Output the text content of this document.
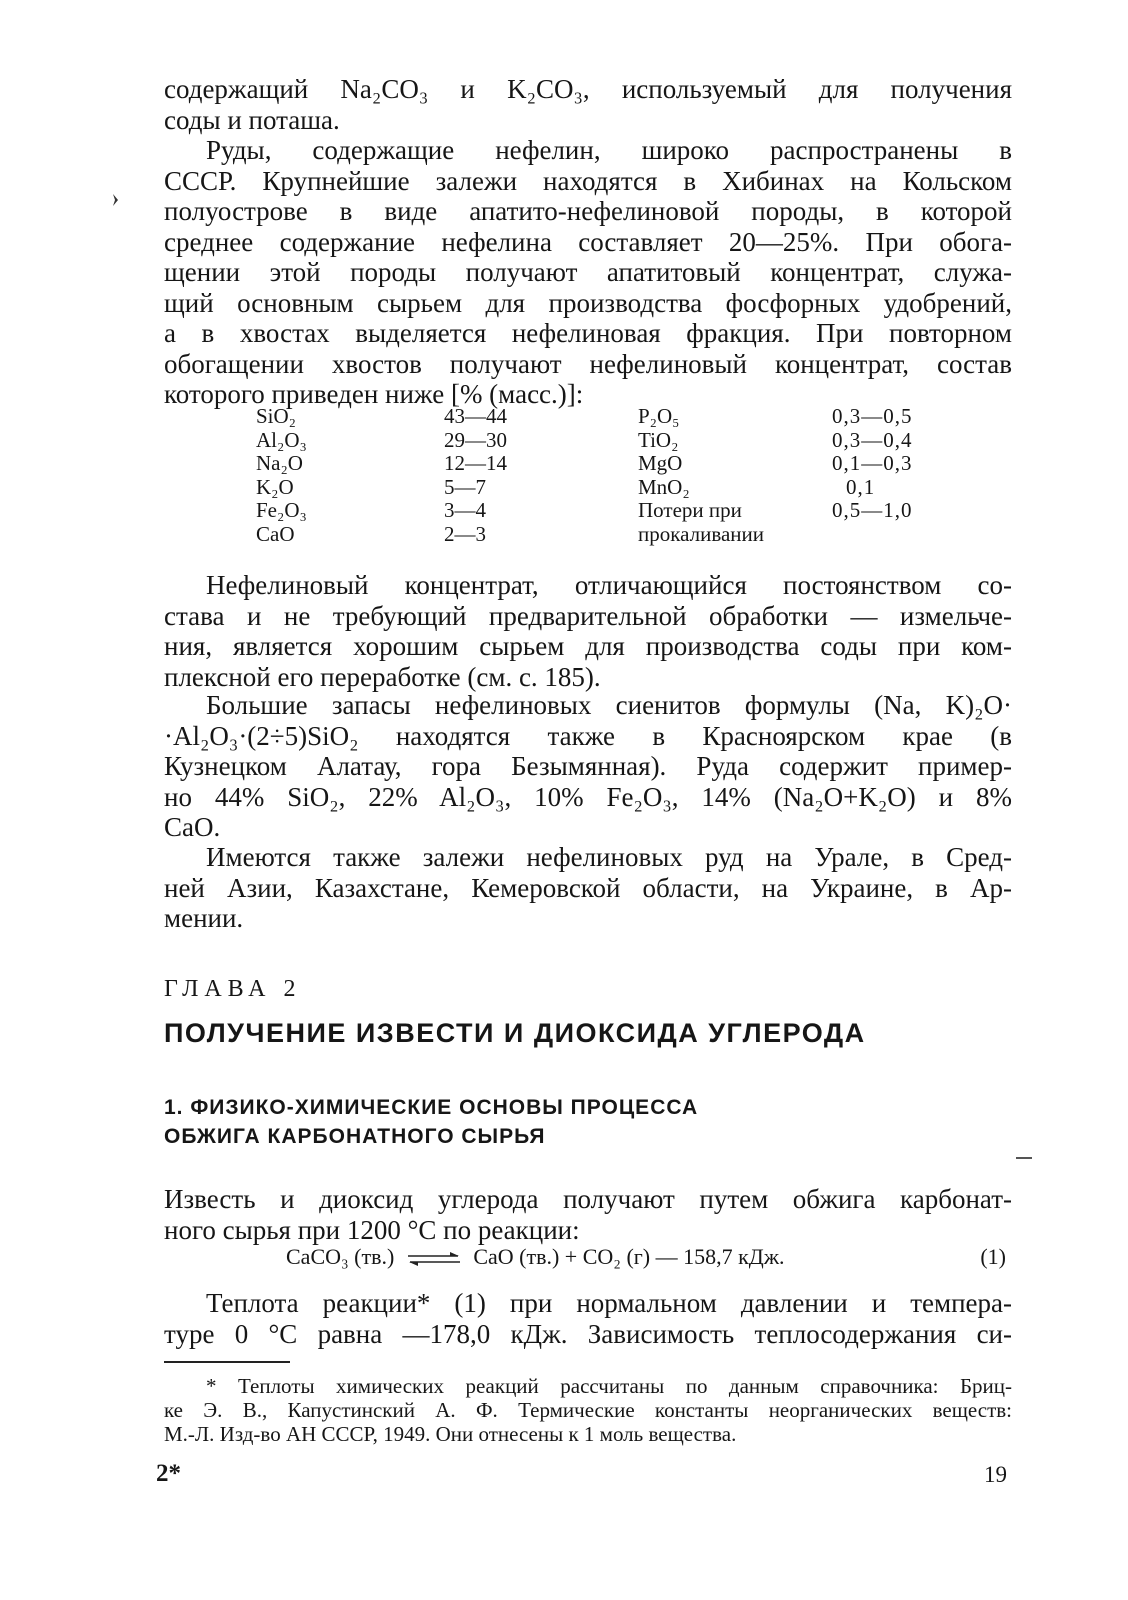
содержащий Na₂CO₃ и K₂CO₃, используемый для получения
соды и поташа.
Руды, содержащие нефелин, широко распространены в
СССР. Крупнейшие залежи находятся в Хибинах на Кольском
полуострове в виде апатито-нефелиновой породы, в которой
среднее содержание нефелина составляет 20—25%. При обога-
щении этой породы получают апатитовый концентрат, служа-
щий основным сырьем для производства фосфорных удобрений,
а в хвостах выделяется нефелиновая фракция. При повторном
обогащении хвостов получают нефелиновый концентрат, состав
которого приведен ниже [% (масс.)]:
SiO₂
Al₂O₃
Na₂O
K₂O
Fe₂O₃
CaO
43—44
29—30
12—14
5—7
3—4
2—3
P₂O₅
TiO₂
MgO
MnO₂
Потери при
прокаливании
0,3—0,5
0,3—0,4
0,1—0,3
0,1
0,5—1,0
Нефелиновый концентрат, отличающийся постоянством со-
става и не требующий предварительной обработки — измельче-
ния, является хорошим сырьем для производства соды при ком-
плексной его переработке (см. с. 185).
Большие запасы нефелиновых сиенитов формулы (Na, K)₂O·
·Al₂O₃·(2÷5)SiO₂ находятся также в Красноярском крае (в
Кузнецком Алатау, гора Безымянная). Руда содержит пример-
но 44% SiO₂, 22% Al₂O₃, 10% Fe₂O₃, 14% (Na₂O+K₂O) и 8%
CaO.
Имеются также залежи нефелиновых руд на Урале, в Сред-
ней Азии, Казахстане, Кемеровской области, на Украине, в Ар-
мении.
ГЛАВА 2
ПОЛУЧЕНИЕ ИЗВЕСТИ И ДИОКСИДА УГЛЕРОДА
1. ФИЗИКО-ХИМИЧЕСКИЕ ОСНОВЫ ПРОЦЕССА
ОБЖИГА КАРБОНАТНОГО СЫРЬЯ
Известь и диоксид углерода получают путем обжига карбонат-
ного сырья при 1200 °C по реакции:
CaCO₃ (тв.) ⇌ CaO (тв.) + CO₂ (г) — 158,7 кДж.	(1)
Теплота реакции* (1) при нормальном давлении и темпера-
туре 0 °C равна —178,0 кДж. Зависимость теплосодержания си-
* Теплоты химических реакций рассчитаны по данным справочника: Бриц-
ке Э. В., Капустинский А. Ф. Термические константы неорганических веществ:
М.-Л. Изд-во АН СССР, 1949. Они отнесены к 1 моль вещества.
2*	19
